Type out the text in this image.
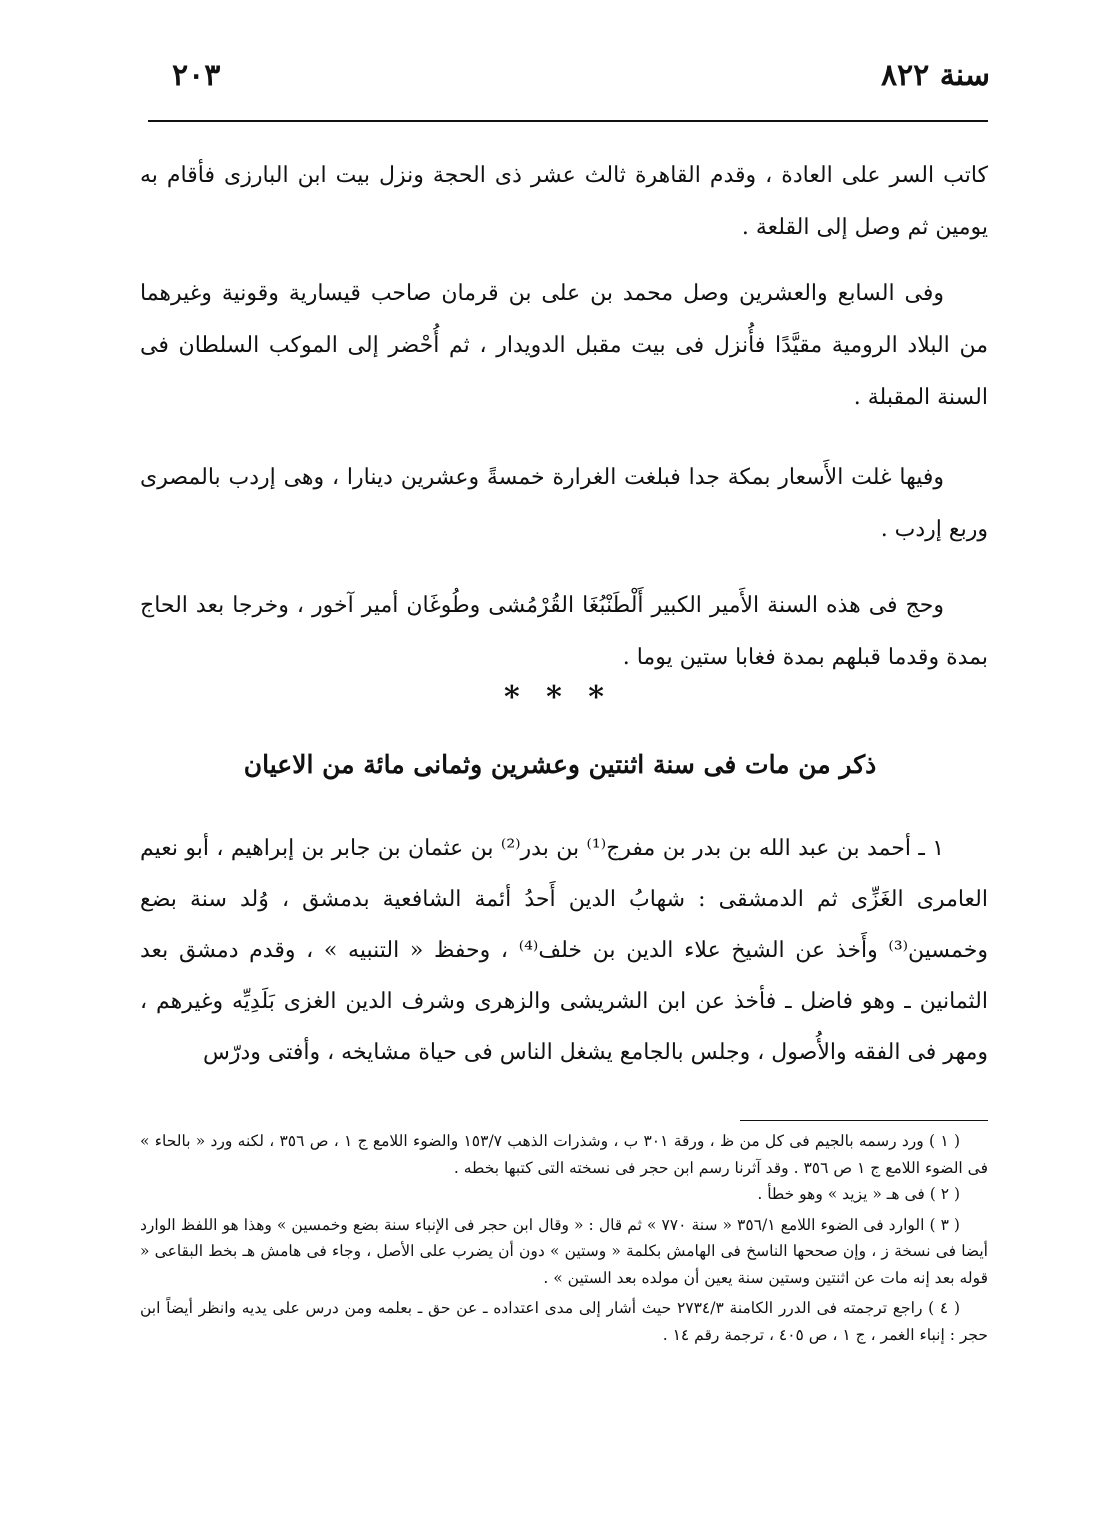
سنة ٨٢٢
٢٠٣

كاتب السر على العادة ، وقدم القاهرة ثالث عشر ذى الحجة ونزل بيت ابن البارزى فأقام به يومين ثم وصل إلى القلعة .

وفى السابع والعشرين وصل محمد بن على بن قرمان صاحب قيسارية وقونية وغيرهما من البلاد الرومية مقيَّدًا فأُنزل فى بيت مقبل الدويدار ، ثم أُحْضر إلى الموكب السلطان فى السنة المقبلة .

وفيها غلت الأَسعار بمكة جدا فبلغت الغرارة خمسةً وعشرين دينارا ، وهى إردب بالمصرى وربع إردب .

وحج فى هذه السنة الأَمير الكبير أَلْطَنْبُغَا القُرْمُشى وطُوغَان أمير آخور ، وخرجا بعد الحاج بمدة وقدما قبلهم بمدة فغابا ستين يوما .

* * *
ذكر من مات فى سنة اثنتين وعشرين وثمانى مائة من الاعيان

١ ـ أحمد بن عبد الله بن بدر بن مفرج⁽¹⁾ بن بدر⁽²⁾ بن عثمان بن جابر بن إبراهيم ، أبو نعيم العامرى الغَزِّى ثم الدمشقى : شهابُ الدين أَحدُ أئمة الشافعية بدمشق ، وُلد سنة بضع وخمسين⁽³⁾ وأَخذ عن الشيخ علاء الدين بن خلف⁽⁴⁾ ، وحفظ « التنبيه » ، وقدم دمشق بعد الثمانين ـ وهو فاضل ـ فأخذ عن ابن الشريشى والزهرى وشرف الدين الغزى بَلَدِيِّه وغيرهم ، ومهر فى الفقه والأُصول ، وجلس بالجامع يشغل الناس فى حياة مشايخه ، وأفتى ودرّس

( ١ ) ورد رسمه بالجيم فى كل من ظ ، ورقة ٣٠١ ب ، وشذرات الذهب ١٥٣/٧ والضوء اللامع ج ١ ، ص ٣٥٦ ، لكنه ورد « بالحاء » فى الضوء اللامع ج ١ ص ٣٥٦ . وقد آثرنا رسم ابن حجر فى نسخته التى كتبها بخطه .

( ٢ ) فى هـ « يزيد » وهو خطأ .

( ٣ ) الوارد فى الضوء اللامع ٣٥٦/١ « سنة ٧٧٠ » ثم قال : « وقال ابن حجر فى الإنباء سنة بضع وخمسين » وهذا هو اللفظ الوارد أيضا فى نسخة ز ، وإن صححها الناسخ فى الهامش بكلمة « وستين » دون أن يضرب على الأصل ، وجاء فى هامش هـ بخط البقاعى « قوله بعد إنه مات عن اثنتين وستين سنة يعين أن مولده بعد الستين » .

( ٤ ) راجع ترجمته فى الدرر الكامنة ٢٧٣٤/٣ حيث أشار إلى مدى اعتداده ـ عن حق ـ بعلمه ومن درس على يديه وانظر أيضاً ابن حجر : إنباء الغمر ، ج ١ ، ص ٤٠٥ ، ترجمة رقم ١٤ .
